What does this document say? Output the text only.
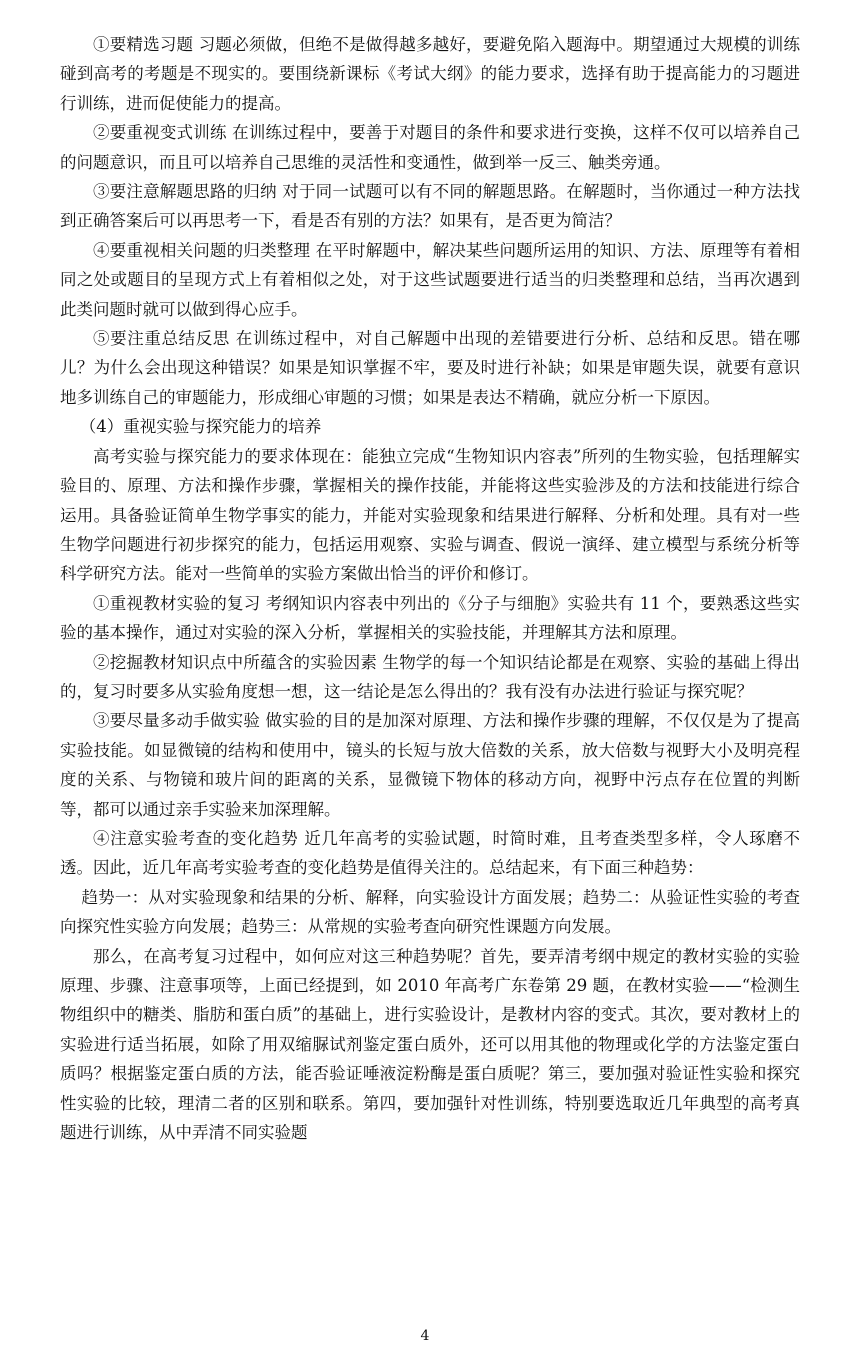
①要精选习题 习题必须做，但绝不是做得越多越好，要避免陷入题海中。期望通过大规模的训练碰到高考的考题是不现实的。要围绕新课标《考试大纲》的能力要求，选择有助于提高能力的习题进行训练，进而促使能力的提高。

②要重视变式训练 在训练过程中，要善于对题目的条件和要求进行变换，这样不仅可以培养自己的问题意识，而且可以培养自己思维的灵活性和变通性，做到举一反三、触类旁通。

③要注意解题思路的归纳 对于同一试题可以有不同的解题思路。在解题时，当你通过一种方法找到正确答案后可以再思考一下，看是否有别的方法？如果有，是否更为简洁？

④要重视相关问题的归类整理 在平时解题中，解决某些问题所运用的知识、方法、原理等有着相同之处或题目的呈现方式上有着相似之处，对于这些试题要进行适当的归类整理和总结，当再次遇到此类问题时就可以做到得心应手。

⑤要注重总结反思 在训练过程中，对自己解题中出现的差错要进行分析、总结和反思。错在哪儿？为什么会出现这种错误？如果是知识掌握不牢，要及时进行补缺；如果是审题失误，就要有意识地多训练自己的审题能力，形成细心审题的习惯；如果是表达不精确，就应分析一下原因。

（4）重视实验与探究能力的培养

高考实验与探究能力的要求体现在：能独立完成“生物知识内容表”所列的生物实验，包括理解实验目的、原理、方法和操作步骤，掌握相关的操作技能，并能将这些实验涉及的方法和技能进行综合运用。具备验证简单生物学事实的能力，并能对实验现象和结果进行解释、分析和处理。具有对一些生物学问题进行初步探究的能力，包括运用观察、实验与调查、假说一演绎、建立模型与系统分析等科学研究方法。能对一些简单的实验方案做出恰当的评价和修订。

①重视教材实验的复习 考纲知识内容表中列出的《分子与细胞》实验共有 11 个，要熟悉这些实验的基本操作，通过对实验的深入分析，掌握相关的实验技能，并理解其方法和原理。

②挖掘教材知识点中所蕴含的实验因素 生物学的每一个知识结论都是在观察、实验的基础上得出的，复习时要多从实验角度想一想，这一结论是怎么得出的？我有没有办法进行验证与探究呢？

③要尽量多动手做实验 做实验的目的是加深对原理、方法和操作步骤的理解，不仅仅是为了提高实验技能。如显微镜的结构和使用中，镜头的长短与放大倍数的关系，放大倍数与视野大小及明亮程度的关系、与物镜和玻片间的距离的关系，显微镜下物体的移动方向，视野中污点存在位置的判断等，都可以通过亲手实验来加深理解。

④注意实验考查的变化趋势 近几年高考的实验试题，时简时难，且考查类型多样，令人琢磨不透。因此，近几年高考实验考查的变化趋势是值得关注的。总结起来，有下面三种趋势：

趋势一：从对实验现象和结果的分析、解释，向实验设计方面发展；趋势二：从验证性实验的考查向探究性实验方向发展；趋势三：从常规的实验考查向研究性课题方向发展。

那么，在高考复习过程中，如何应对这三种趋势呢？首先，要弄清考纲中规定的教材实验的实验原理、步骤、注意事项等，上面已经提到，如 2010 年高考广东卷第 29 题，在教材实验——“检测生物组织中的糖类、脂肪和蛋白质”的基础上，进行实验设计，是教材内容的变式。其次，要对教材上的实验进行适当拓展，如除了用双缩脲试剂鉴定蛋白质外，还可以用其他的物理或化学的方法鉴定蛋白质吗？根据鉴定蛋白质的方法，能否验证唾液淀粉酶是蛋白质呢？第三，要加强对验证性实验和探究性实验的比较，理清二者的区别和联系。第四，要加强针对性训练，特别要选取近几年典型的高考真题进行训练，从中弄清不同实验题

4
